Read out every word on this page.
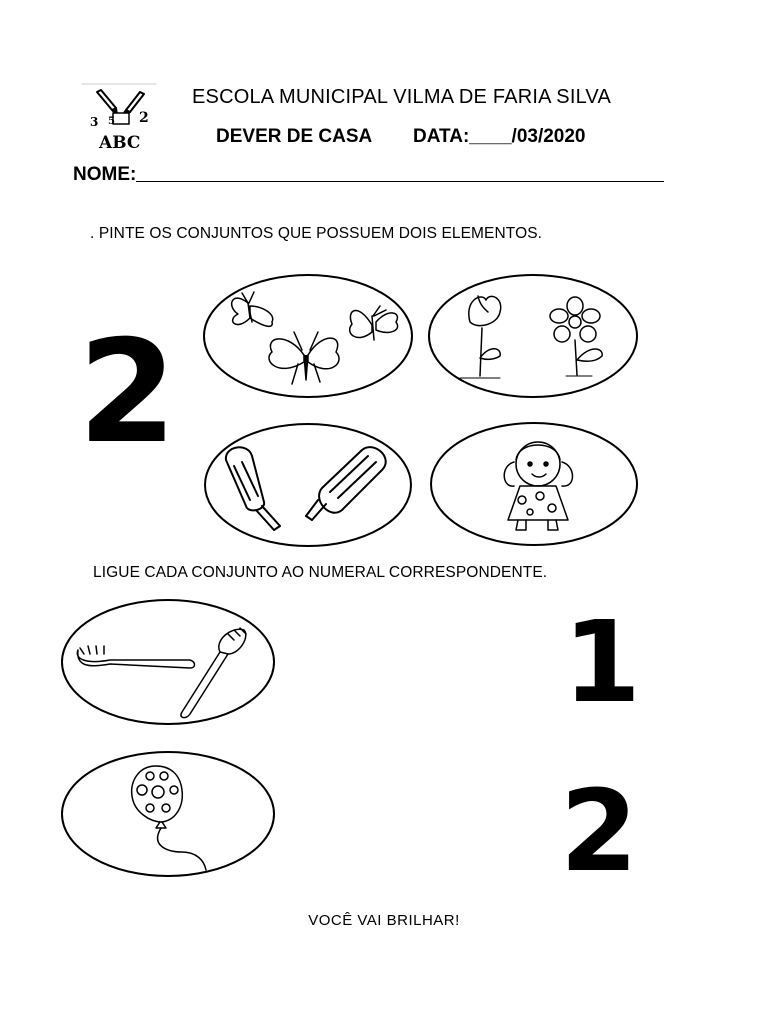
ESCOLA MUNICIPAL VILMA DE FARIA SILVA
DEVER DE CASA DATA:____/03/2020
NOME:
. PINTE OS CONJUNTOS QUE POSSUEM DOIS ELEMENTOS.
LIGUE CADA CONJUNTO AO NUMERAL CORRESPONDENTE.
2
1
2
VOCÊ VAI BRILHAR!
3 5 2
ABC
